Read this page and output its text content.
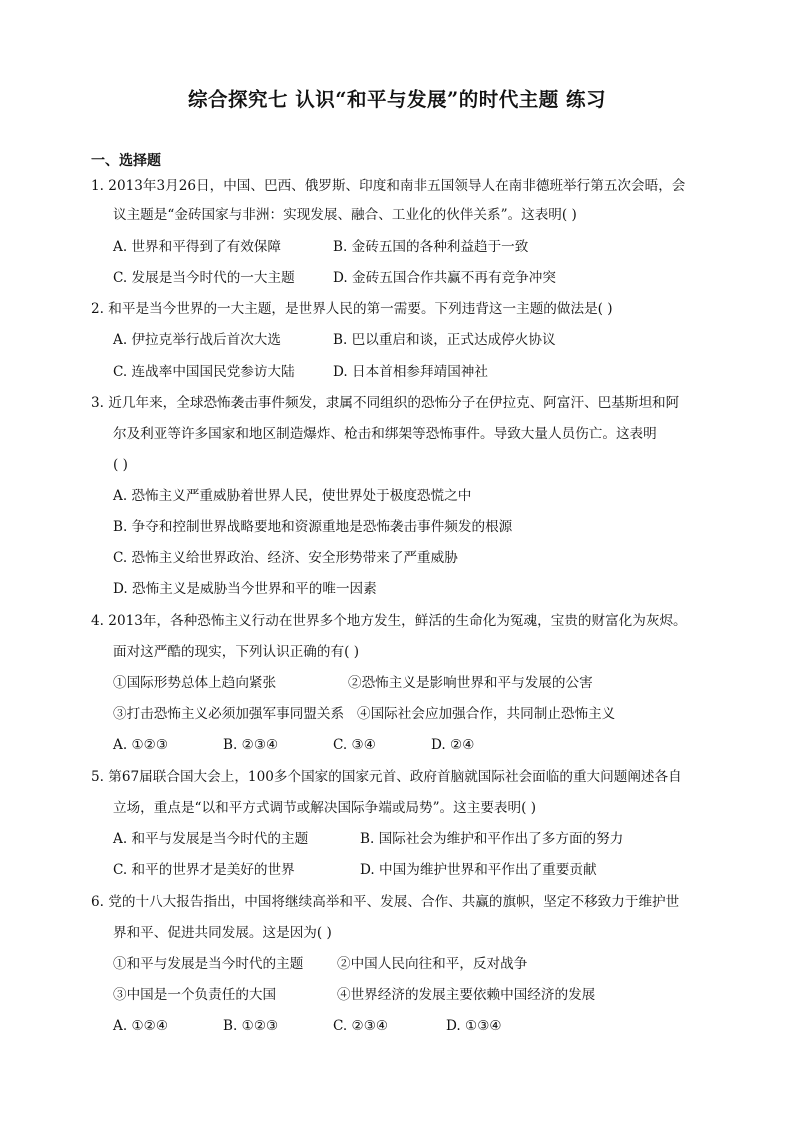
综合探究七 认识“和平与发展”的时代主题 练习
一、选择题
1. 2013年3月26日，中国、巴西、俄罗斯、印度和南非五国领导人在南非德班举行第五次会晤，会
议主题是“金砖国家与非洲：实现发展、融合、工业化的伙伴关系”。这表明( )
A. 世界和平得到了有效保障	B. 金砖五国的各种利益趋于一致
C. 发展是当今时代的一大主题	D. 金砖五国合作共赢不再有竞争冲突
2. 和平是当今世界的一大主题，是世界人民的第一需要。下列违背这一主题的做法是( )
A. 伊拉克举行战后首次大选	B. 巴以重启和谈，正式达成停火协议
C. 连战率中国国民党参访大陆	D. 日本首相参拜靖国神社
3. 近几年来，全球恐怖袭击事件频发，隶属不同组织的恐怖分子在伊拉克、阿富汗、巴基斯坦和阿
尔及利亚等许多国家和地区制造爆炸、枪击和绑架等恐怖事件。导致大量人员伤亡。这表明
( )
A. 恐怖主义严重威胁着世界人民，使世界处于极度恐慌之中
B. 争夺和控制世界战略要地和资源重地是恐怖袭击事件频发的根源
C. 恐怖主义给世界政治、经济、安全形势带来了严重威胁
D. 恐怖主义是威胁当今世界和平的唯一因素
4. 2013年，各种恐怖主义行动在世界多个地方发生，鲜活的生命化为冤魂，宝贵的财富化为灰烬。
面对这严酷的现实，下列认识正确的有( )
①国际形势总体上趋向紧张	②恐怖主义是影响世界和平与发展的公害
③打击恐怖主义必须加强军事同盟关系 ④国际社会应加强合作，共同制止恐怖主义
A. ①②③	B. ②③④	C. ③④	D. ②④
5. 第67届联合国大会上，100多个国家的国家元首、政府首脑就国际社会面临的重大问题阐述各自
立场，重点是“以和平方式调节或解决国际争端或局势”。这主要表明( )
A. 和平与发展是当今时代的主题	B. 国际社会为维护和平作出了多方面的努力
C. 和平的世界才是美好的世界	D. 中国为维护世界和平作出了重要贡献
6. 党的十八大报告指出，中国将继续高举和平、发展、合作、共赢的旗帜，坚定不移致力于维护世
界和平、促进共同发展。这是因为( )
①和平与发展是当今时代的主题 ②中国人民向往和平，反对战争
③中国是一个负责任的大国	④世界经济的发展主要依赖中国经济的发展
A. ①②④	B. ①②③	C. ②③④	D. ①③④
